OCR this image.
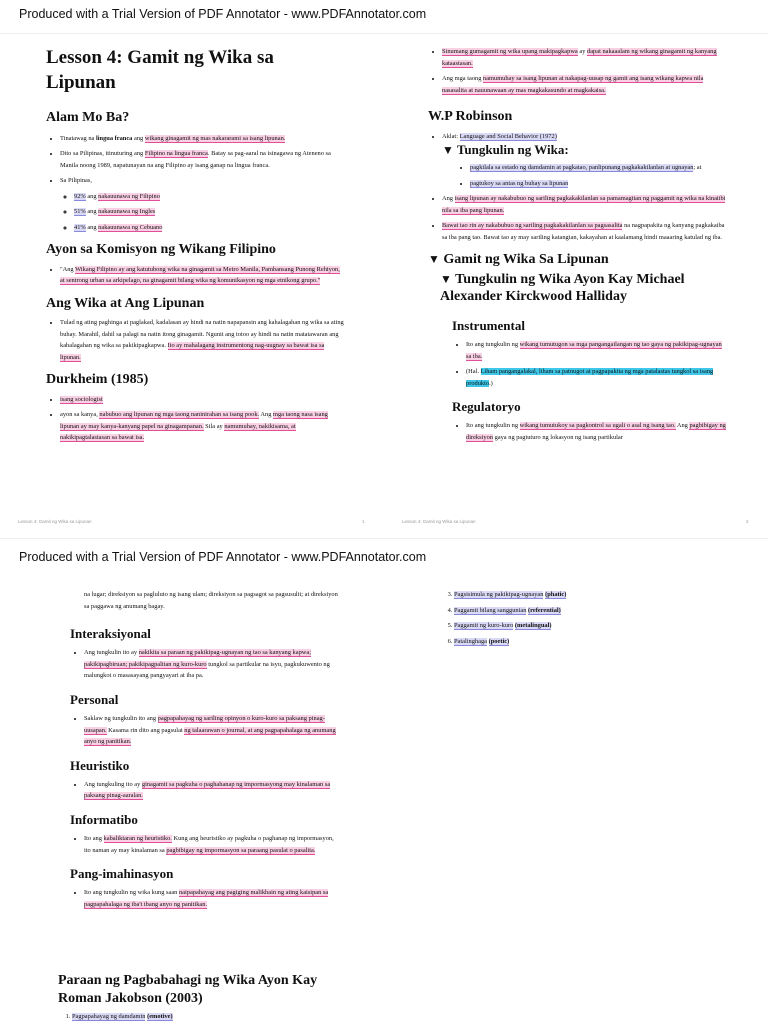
Produced with a Trial Version of PDF Annotator - www.PDFAnnotator.com
Lesson 4: Gamit ng Wika sa Lipunan
Alam Mo Ba?
• Tinatawag na lingua franca ang wikang ginagamit ng mas nakararami sa isang lipunan.
• Dito sa Pilipinas, itinuturing ang Filipino na lingua franca. Batay sa pag-aaral na isinagawa ng Ateneno sa Manila noong 1989, napatunayan na ang Filipino ay isang ganap na lingua franca.
• Sa Pilipinas,
◦ 92% ang nakauunawa ng Filipino
◦ 51% ang nakauunawa ng Ingles
◦ 41% ang nakauunawa ng Cebuano
Ayon sa Komisyon ng Wikang Filipino
• "Ang Wikang Filipino ay ang katutubong wika na ginagamit sa Metro Manila, Pambansang Punong Rehiyon, at sentrong urban sa arkipelago, na ginagamit bilang wika ng komunikasyon ng mga etnikong grupo."
Ang Wika at Ang Lipunan
• Tulad ng ating paghinga at paglakad, kadalasan ay hindi na natin napapansin ang kahalagahan ng wika sa ating buhay. Marahil, dahil sa palagi na natin itong ginagamit. Ngunit ang totoo ay hindi na natin matatawaran ang kahalagahan ng wika sa pakikipagkapwa. Ito ay mahalagang instrumentong nag-uugnay sa bawat isa sa lipunan.
Durkheim (1985)
• isang sociologist
• ayon sa kanya, nabubuo ang lipunan ng mga taong naninirahan sa isang pook. Ang mga taong nasa isang lipunan ay may kanya-kanyang papel na ginagampanan. Sila ay namumuhay, nakikisama, at nakikipagtalastasan sa bawat isa.
Lesson 4: Gamit ng Wika sa Lipunan	1
• Sinumang gumagamit ng wika upang makipagkapwa ay dapat nakaaalam ng wikang ginagamit ng kanyang kataastasan.
• Ang mga taong namumuhay sa isang lipunan at nakapag-uusap ng gamit ang isang wikang kapwa nila nasasalita at nauunawaan ay mas magkakasundo at magkakaisa.
W.P Robinson
• Aklat: Language and Social Behavior (1972)
▼ Tungkulin ng Wika:
• pagkilala sa estado ng damdamin at pagkatao, panlipunang pagkakakilanlan at ugnayan; at
• pagtukoy sa antas ng buhay sa lipunan
• Ang isang lipunan ay nakabubuo ng sariling pagkakakilanlan sa pamamagitan ng paggamit ng wika na kinaiibi nila sa iba pang lipunan.
• Bawat tao rin ay nakabubuo ng sariling pagkakakilanlan sa pagsasalita na nagpapakita ng kanyang pagkakaiba sa iba pang tao. Bawat tao ay may sariling katangian, kakayahan at kaalamang hindi maaaring katulad ng iba.
▼ Gamit ng Wika Sa Lipunan
▼ Tungkulin ng Wika Ayon Kay Michael Alexander Kirckwood Halliday
Instrumental
• Ito ang tungkulin ng wikang tumutugon sa mga pangangailangan ng tao gaya ng pakikipag-ugnayan sa iba.
• (Hal. Liham pangangalakal, liham sa patnugot at pagpapakita ng mga patalastas tungkol sa isang produkto.)
Regulatoryo
• Ito ang tungkulin ng wikang tumutukoy sa pagkontrol sa ugali o asal ng isang tao. Ang pagbibigay ng direksiyon gaya ng pagtuturo ng lokasyon ng isang partikular
Lesson 4: Gamit ng Wika sa Lipunan	2
Produced with a Trial Version of PDF Annotator - www.PDFAnnotator.com
na lugar; direksiyon sa pagluluto ng isang ulam; direksiyon sa pagsagot sa pagsusulit; at direksiyon sa paggawa ng anumang bagay.
Interaksiyonal
• Ang tungkulin ito ay nakikita sa paraan ng pakikipag-ugnayan ng tao sa kanyang kapwa; pakikipagbiruan; pakikipagpalitan ng kuro-kuro tungkol sa partikular na isyu, pagkukuwento ng malungkot o masasayang pangyayari at iba pa.
Personal
• Saklaw ng tungkulin ito ang pagpapahayag ng sariling opinyon o kuro-kuro sa paksang pinag-uusapan. Kasama rin dito ang pagsulat ng talaarawan o journal, at ang pagpapahalaga ng anumang anyo ng panitikan.
Heuristiko
• Ang tungkuling ito ay ginagamit sa pagkuha o paghahanap ng impormasyong may kinalaman sa paksang pinag-aaralan.
Informatibo
• Ito ang kabaliktaran ng heuristiko. Kung ang heuristiko ay pagkuha o paghanap ng impormasyon, ito naman ay may kinalaman sa pagbibigay ng impormasyon sa paraang pasulat o pasalita.
Pang-imahinasyon
• Ito ang tungkulin ng wika kung saan naipapahayag ang pagiging malikhain ng ating kaisipan sa pagpapahalaga ng iba't ibang anyo ng panitikan.
Paraan ng Pagbabahagi ng Wika Ayon Kay Roman Jakobson (2003)
1. Pagpapahayag ng damdamin (emotive)
3. Pagsisimula ng pakikipag-ugnayan (phatic)
4. Paggamit bilang sanggunian (referential)
5. Paggamit ng kuro-kuro (metalingual)
6. Patalinghaga (poetic)
